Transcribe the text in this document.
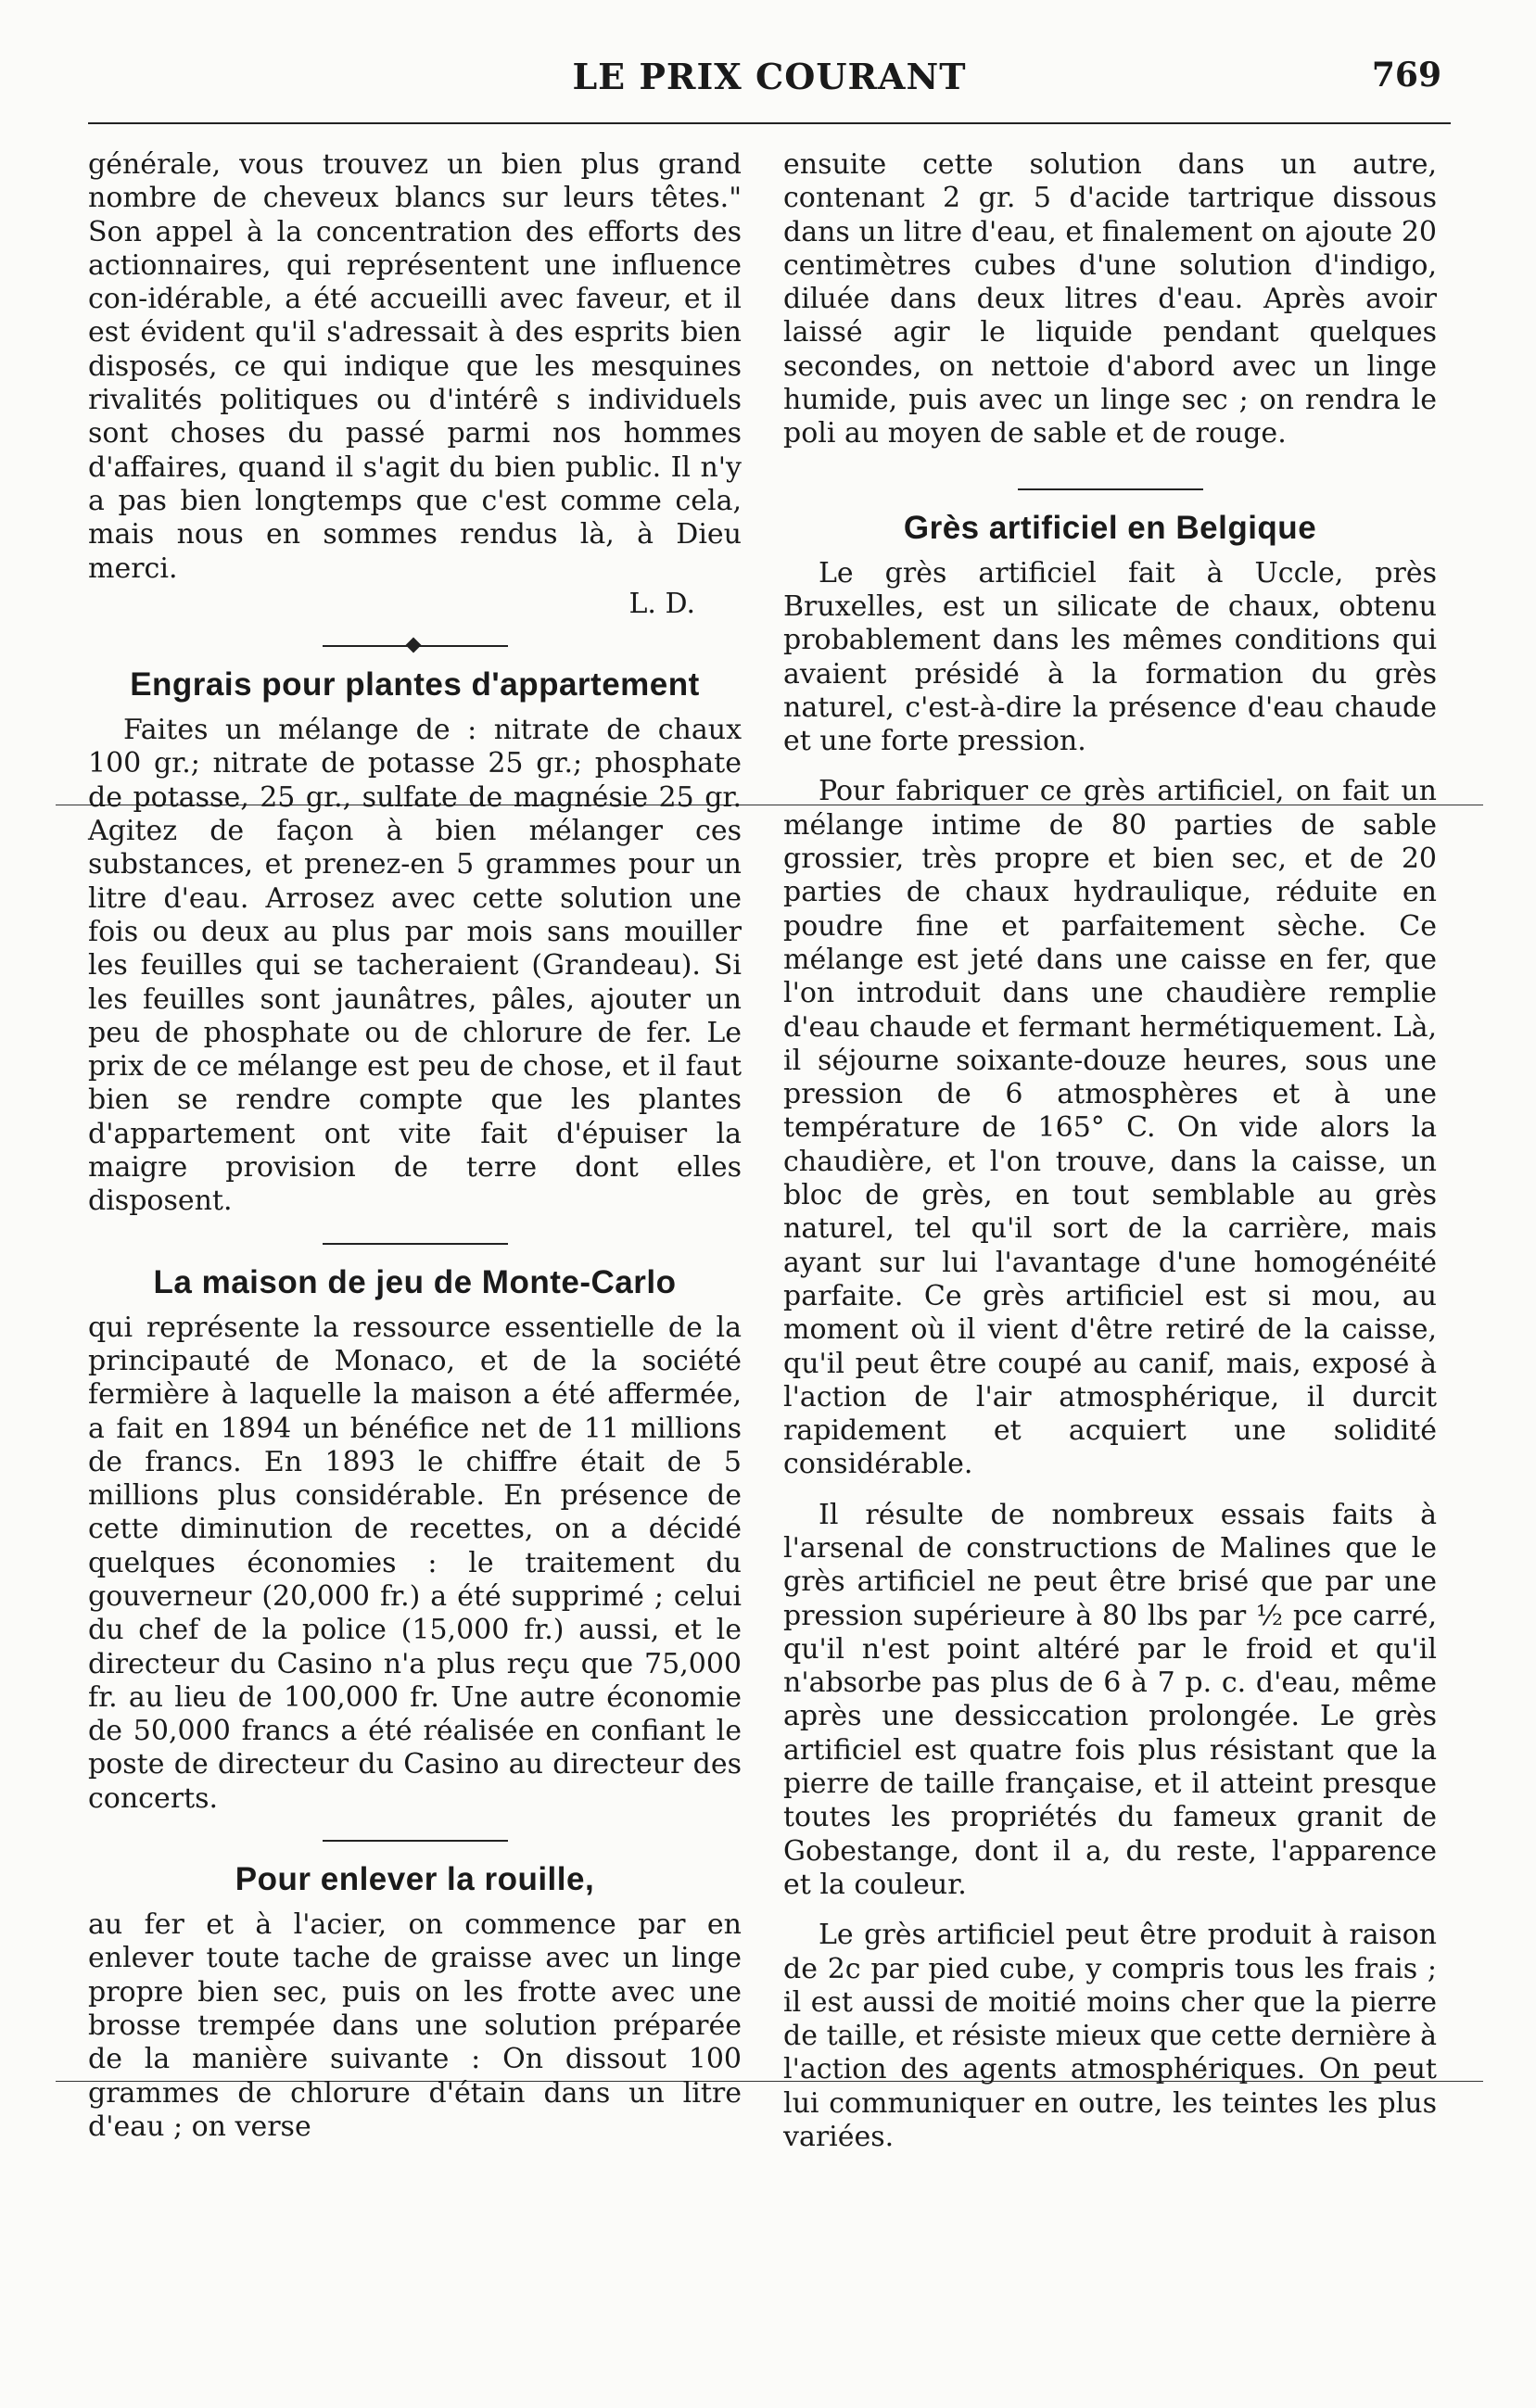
LE PRIX COURANT	769

générale, vous trouvez un bien plus grand nombre de cheveux blancs sur leurs têtes." Son appel à la concentration des efforts des actionnaires, qui représentent une influence con-idérable, a été accueilli avec faveur, et il est évident qu'il s'adressait à des esprits bien disposés, ce qui indique que les mesquines rivalités politiques ou d'intérê s individuels sont choses du passé parmi nos hommes d'affaires, quand il s'agit du bien public. Il n'y a pas bien longtemps que c'est comme cela, mais nous en sommes rendus là, à Dieu merci.

L. D.
Engrais pour plantes d'appartement

Faites un mélange de : nitrate de chaux 100 gr.; nitrate de potasse 25 gr.; phosphate de potasse, 25 gr., sulfate de magnésie 25 gr. Agitez de façon à bien mélanger ces substances, et prenez-en 5 grammes pour un litre d'eau. Arrosez avec cette solution une fois ou deux au plus par mois sans mouiller les feuilles qui se tacheraient (Grandeau). Si les feuilles sont jaunâtres, pâles, ajouter un peu de phosphate ou de chlorure de fer. Le prix de ce mélange est peu de chose, et il faut bien se rendre compte que les plantes d'appartement ont vite fait d'épuiser la maigre provision de terre dont elles disposent.

La maison de jeu de Monte-Carlo

qui représente la ressource essentielle de la principauté de Monaco, et de la société fermière à laquelle la maison a été affermée, a fait en 1894 un bénéfice net de 11 millions de francs. En 1893 le chiffre était de 5 millions plus considérable. En présence de cette diminution de recettes, on a décidé quelques économies : le traitement du gouverneur (20,000 fr.) a été supprimé ; celui du chef de la police (15,000 fr.) aussi, et le directeur du Casino n'a plus reçu que 75,000 fr. au lieu de 100,000 fr. Une autre économie de 50,000 francs a été réalisée en confiant le poste de directeur du Casino au directeur des concerts.

Pour enlever la rouille,

au fer et à l'acier, on commence par en enlever toute tache de graisse avec un linge propre bien sec, puis on les frotte avec une brosse trempée dans une solution préparée de la manière suivante : On dissout 100 grammes de chlorure d'étain dans un litre d'eau ; on verse

ensuite cette solution dans un autre, contenant 2 gr. 5 d'acide tartrique dissous dans un litre d'eau, et finalement on ajoute 20 centimètres cubes d'une solution d'indigo, diluée dans deux litres d'eau. Après avoir laissé agir le liquide pendant quelques secondes, on nettoie d'abord avec un linge humide, puis avec un linge sec ; on rendra le poli au moyen de sable et de rouge.

Grès artificiel en Belgique

Le grès artificiel fait à Uccle, près Bruxelles, est un silicate de chaux, obtenu probablement dans les mêmes conditions qui avaient présidé à la formation du grès naturel, c'est-à-dire la présence d'eau chaude et une forte pression.

Pour fabriquer ce grès artificiel, on fait un mélange intime de 80 parties de sable grossier, très propre et bien sec, et de 20 parties de chaux hydraulique, réduite en poudre fine et parfaitement sèche. Ce mélange est jeté dans une caisse en fer, que l'on introduit dans une chaudière remplie d'eau chaude et fermant hermétiquement. Là, il séjourne soixante-douze heures, sous une pression de 6 atmosphères et à une température de 165° C. On vide alors la chaudière, et l'on trouve, dans la caisse, un bloc de grès, en tout semblable au grès naturel, tel qu'il sort de la carrière, mais ayant sur lui l'avantage d'une homogénéité parfaite. Ce grès artificiel est si mou, au moment où il vient d'être retiré de la caisse, qu'il peut être coupé au canif, mais, exposé à l'action de l'air atmosphérique, il durcit rapidement et acquiert une solidité considérable.

Il résulte de nombreux essais faits à l'arsenal de constructions de Malines que le grès artificiel ne peut être brisé que par une pression supérieure à 80 lbs par ½ pce carré, qu'il n'est point altéré par le froid et qu'il n'absorbe pas plus de 6 à 7 p. c. d'eau, même après une dessiccation prolongée. Le grès artificiel est quatre fois plus résistant que la pierre de taille française, et il atteint presque toutes les propriétés du fameux granit de Gobestange, dont il a, du reste, l'apparence et la couleur.

Le grès artificiel peut être produit à raison de 2c par pied cube, y compris tous les frais ; il est aussi de moitié moins cher que la pierre de taille, et résiste mieux que cette dernière à l'action des agents atmosphériques. On peut lui communiquer en outre, les teintes les plus variées.
